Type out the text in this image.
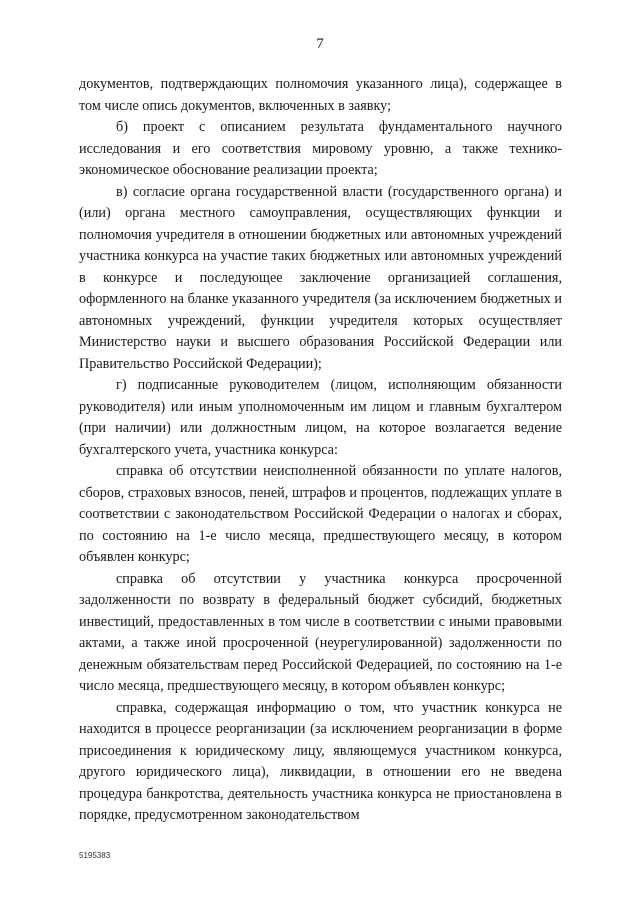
7

документов, подтверждающих полномочия указанного лица), содержащее в том числе опись документов, включенных в заявку;

б) проект с описанием результата фундаментального научного исследования и его соответствия мировому уровню, а также технико-экономическое обоснование реализации проекта;

в) согласие органа государственной власти (государственного органа) и (или) органа местного самоуправления, осуществляющих функции и полномочия учредителя в отношении бюджетных или автономных учреждений участника конкурса на участие таких бюджетных или автономных учреждений в конкурсе и последующее заключение организацией соглашения, оформленного на бланке указанного учредителя (за исключением бюджетных и автономных учреждений, функции учредителя которых осуществляет Министерство науки и высшего образования Российской Федерации или Правительство Российской Федерации);

г) подписанные руководителем (лицом, исполняющим обязанности руководителя) или иным уполномоченным им лицом и главным бухгалтером (при наличии) или должностным лицом, на которое возлагается ведение бухгалтерского учета, участника конкурса:

справка об отсутствии неисполненной обязанности по уплате налогов, сборов, страховых взносов, пеней, штрафов и процентов, подлежащих уплате в соответствии с законодательством Российской Федерации о налогах и сборах, по состоянию на 1-е число месяца, предшествующего месяцу, в котором объявлен конкурс;

справка об отсутствии у участника конкурса просроченной задолженности по возврату в федеральный бюджет субсидий, бюджетных инвестиций, предоставленных в том числе в соответствии с иными правовыми актами, а также иной просроченной (неурегулированной) задолженности по денежным обязательствам перед Российской Федерацией, по состоянию на 1-е число месяца, предшествующего месяцу, в котором объявлен конкурс;

справка, содержащая информацию о том, что участник конкурса не находится в процессе реорганизации (за исключением реорганизации в форме присоединения к юридическому лицу, являющемуся участником конкурса, другого юридического лица), ликвидации, в отношении его не введена процедура банкротства, деятельность участника конкурса не приостановлена в порядке, предусмотренном законодательством

5195383
